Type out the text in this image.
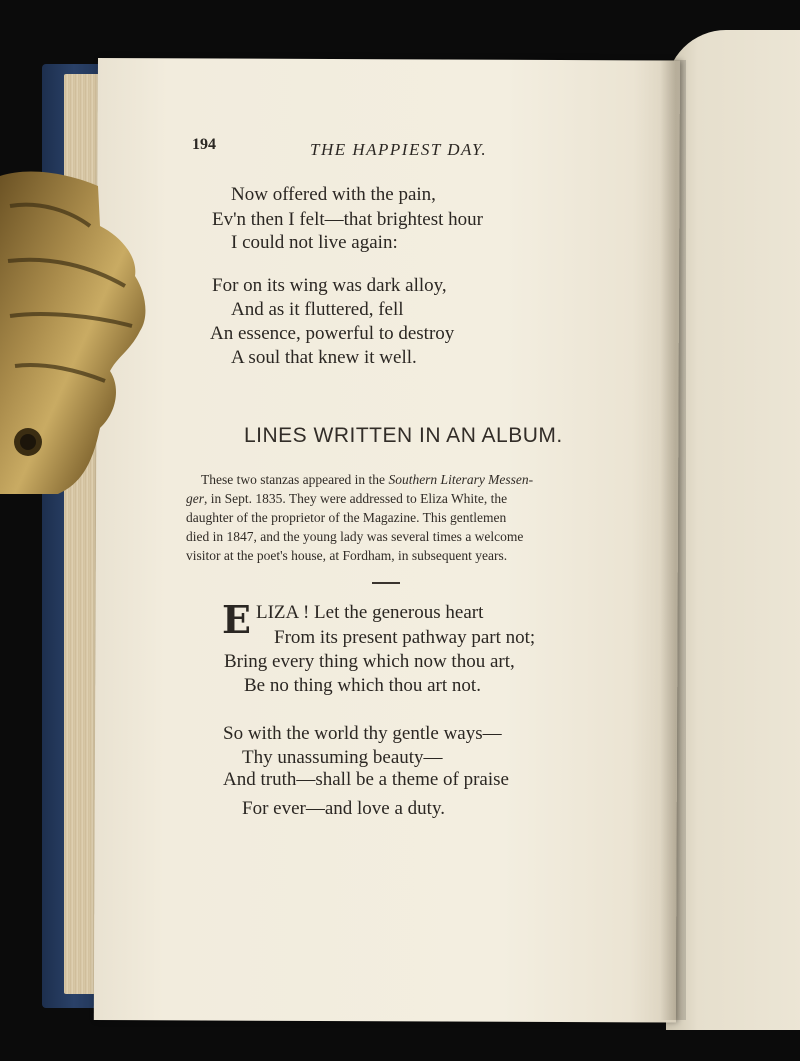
194	THE HAPPIEST DAY.
Now offered with the pain,
Ev'n then I felt—that brightest hour
I could not live again:
For on its wing was dark alloy,
And as it fluttered, fell
An essence, powerful to destroy
A soul that knew it well.
LINES WRITTEN IN AN ALBUM.
These two stanzas appeared in the Southern Literary Messen-
ger, in Sept. 1835. They were addressed to Eliza White, the
daughter of the proprietor of the Magazine. This gentlemen
died in 1847, and the young lady was several times a welcome
visitor at the poet's house, at Fordham, in subsequent years.
E LIZA ! Let the generous heart
From its present pathway part not;
Bring every thing which now thou art,
Be no thing which thou art not.
So with the world thy gentle ways—
Thy unassuming beauty—
And truth—shall be a theme of praise
For ever—and love a duty.
